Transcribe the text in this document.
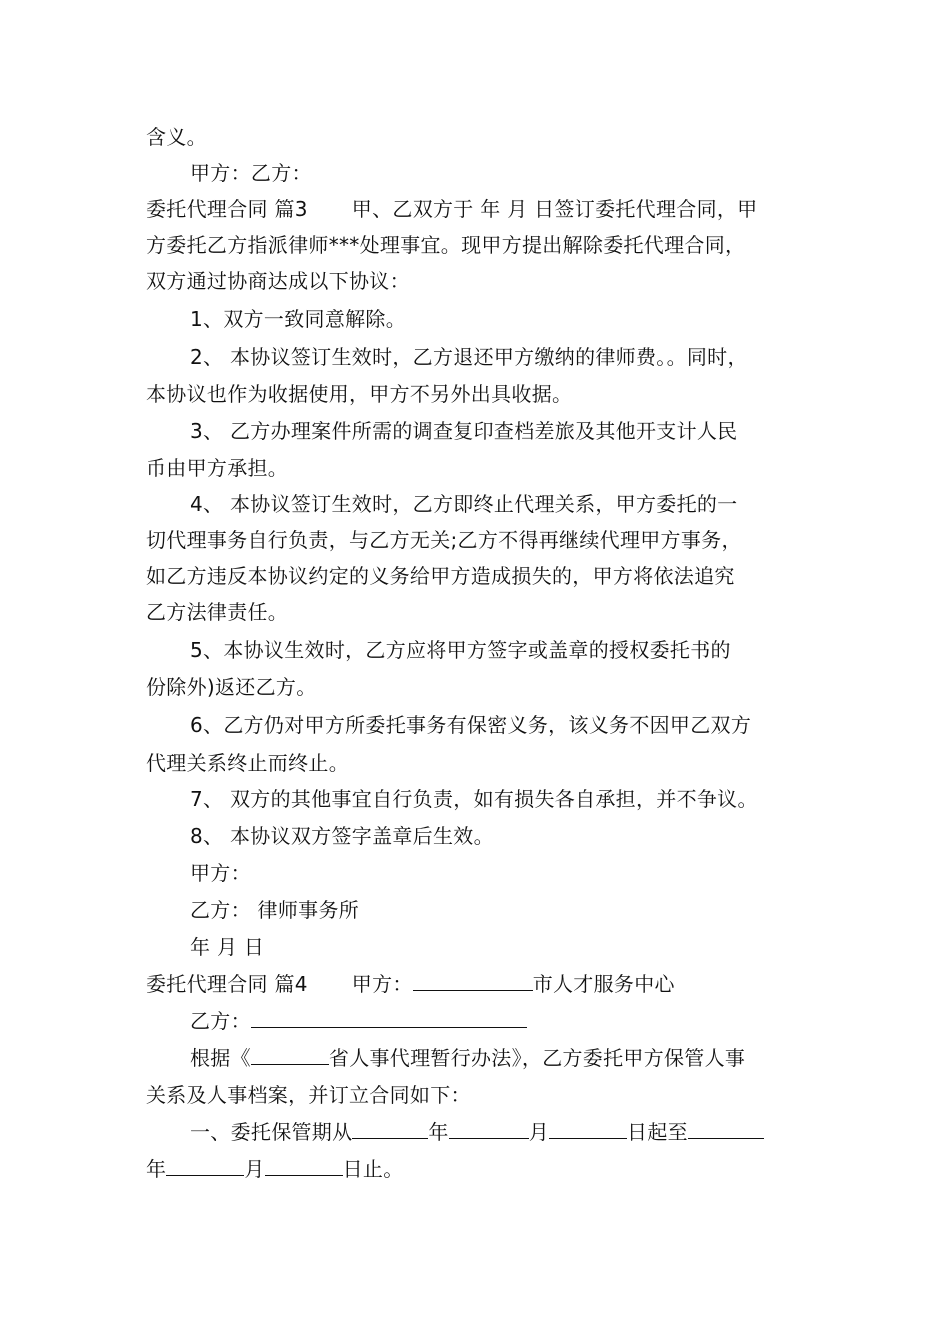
含义。
甲方：乙方：
委托代理合同 篇3 甲、乙双方于 年 月 日签订委托代理合同，甲
方委托乙方指派律师***处理事宜。现甲方提出解除委托代理合同，
双方通过协商达成以下协议：
1、双方一致同意解除。
2、 本协议签订生效时，乙方退还甲方缴纳的律师费。。同时，
本协议也作为收据使用，甲方不另外出具收据。
3、 乙方办理案件所需的调查复印查档差旅及其他开支计人民
币由甲方承担。
4、 本协议签订生效时，乙方即终止代理关系，甲方委托的一
切代理事务自行负责，与乙方无关;乙方不得再继续代理甲方事务，
如乙方违反本协议约定的义务给甲方造成损失的，甲方将依法追究
乙方法律责任。
5、本协议生效时，乙方应将甲方签字或盖章的授权委托书的
份除外)返还乙方。
6、乙方仍对甲方所委托事务有保密义务，该义务不因甲乙双方
代理关系终止而终止。
7、 双方的其他事宜自行负责，如有损失各自承担，并不争议。
8、 本协议双方签字盖章后生效。
甲方：
乙方： 律师事务所
年 月 日
委托代理合同 篇4 甲方：	市人才服务中心
乙方：
根据《	省人事代理暂行办法》，乙方委托甲方保管人事
关系及人事档案，并订立合同如下：
一、委托保管期从	年	月	日起至
年	月	日止。
